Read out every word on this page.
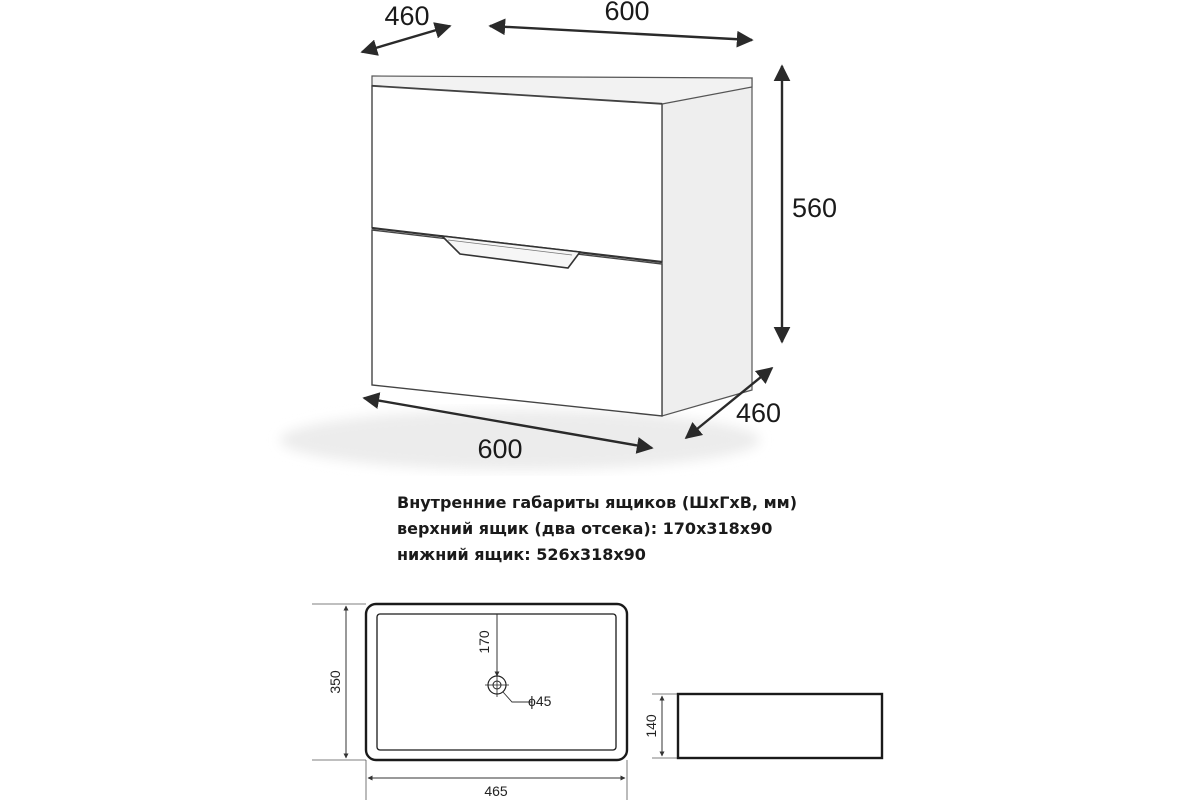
460	600
560
460
600
Внутренние габариты ящиков (ШхГхВ, мм)
верхний ящик (два отсека): 170х318х90
нижний ящик: 526х318х90
350
170
ϕ45
465
140
